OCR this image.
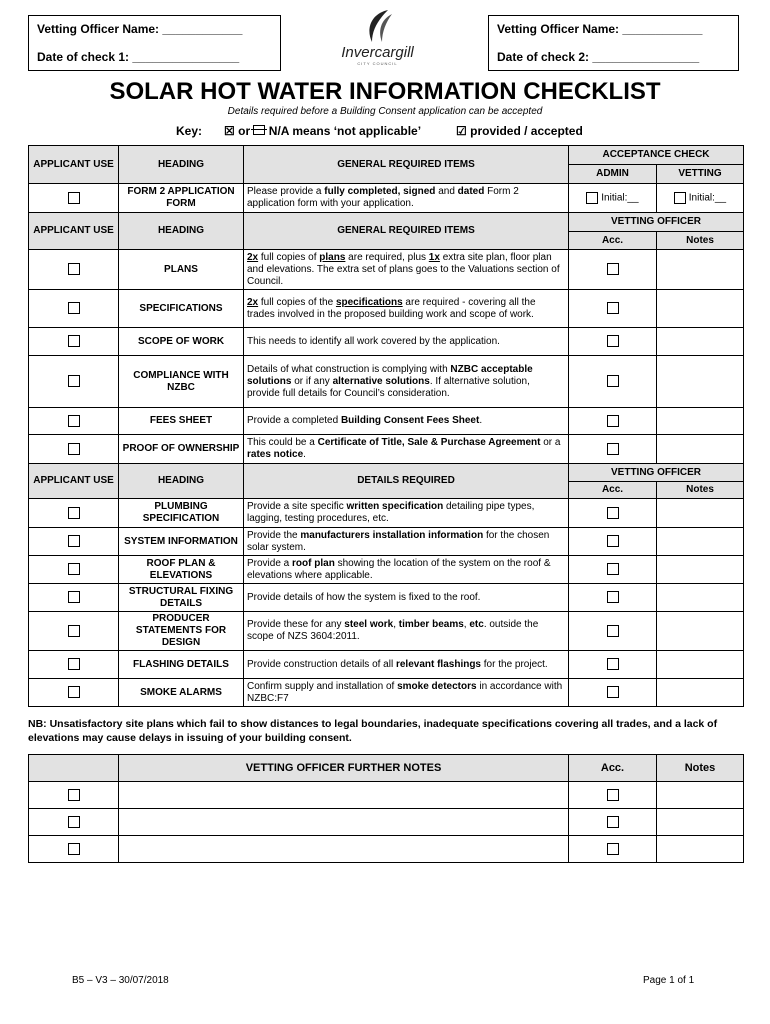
Vetting Officer Name: ____________
Date of check 1: ________________	Invercargill
CITY COUNCIL
Vetting Officer Name: ____________
Date of check 2: ________________
SOLAR HOT WATER INFORMATION CHECKLIST
Details required before a Building Consent application can be accepted
Key: ☒ or N/A means ‘not applicable’	☑ provided / accepted
APPLICANT USE	HEADING	GENERAL REQUIRED ITEMS	ACCEPTANCE CHECK	
			ADMIN	VETTING
	FORM 2 APPLICATION FORM	Please provide a fully completed, signed and dated Form 2 application form with your application.	Initial:__	Initial:__
APPLICANT USE	HEADING	GENERAL REQUIRED ITEMS	VETTING OFFICER	
			Acc.	Notes
	PLANS	2x full copies of plans are required, plus 1x extra site plan, floor plan and elevations. The extra set of plans goes to the Valuations section of Council.		
	SPECIFICATIONS	2x full copies of the specifications are required - covering all the trades involved in the proposed building work and scope of work.		
	SCOPE OF WORK	This needs to identify all work covered by the application.		
	COMPLIANCE WITH NZBC	Details of what construction is complying with NZBC acceptable solutions or if any alternative solutions. If alternative solution, provide full details for Council’s consideration.		
	FEES SHEET	Provide a completed Building Consent Fees Sheet.		
	PROOF OF OWNERSHIP	This could be a Certificate of Title, Sale & Purchase Agreement or a rates notice.		
APPLICANT USE	HEADING	DETAILS REQUIRED	VETTING OFFICER	
			Acc.	Notes
	PLUMBING SPECIFICATION	Provide a site specific written specification detailing pipe types, lagging, testing procedures, etc.		
	SYSTEM INFORMATION	Provide the manufacturers installation information for the chosen solar system.		
	ROOF PLAN & ELEVATIONS	Provide a roof plan showing the location of the system on the roof & elevations where applicable.		
	STRUCTURAL FIXING DETAILS	Provide details of how the system is fixed to the roof.		
	PRODUCER STATEMENTS FOR DESIGN	Provide these for any steel work, timber beams, etc. outside the scope of NZS 3604:2011.		
	FLASHING DETAILS	Provide construction details of all relevant flashings for the project.		
	SMOKE ALARMS	Confirm supply and installation of smoke detectors in accordance with NZBC:F7		
NB: Unsatisfactory site plans which fail to show distances to legal boundaries, inadequate specifications covering all trades, and a lack of elevations may cause delays in issuing of your building consent.
	VETTING OFFICER FURTHER NOTES	Acc.	Notes

B5 – V3 – 30/07/2018	Page 1 of 1
